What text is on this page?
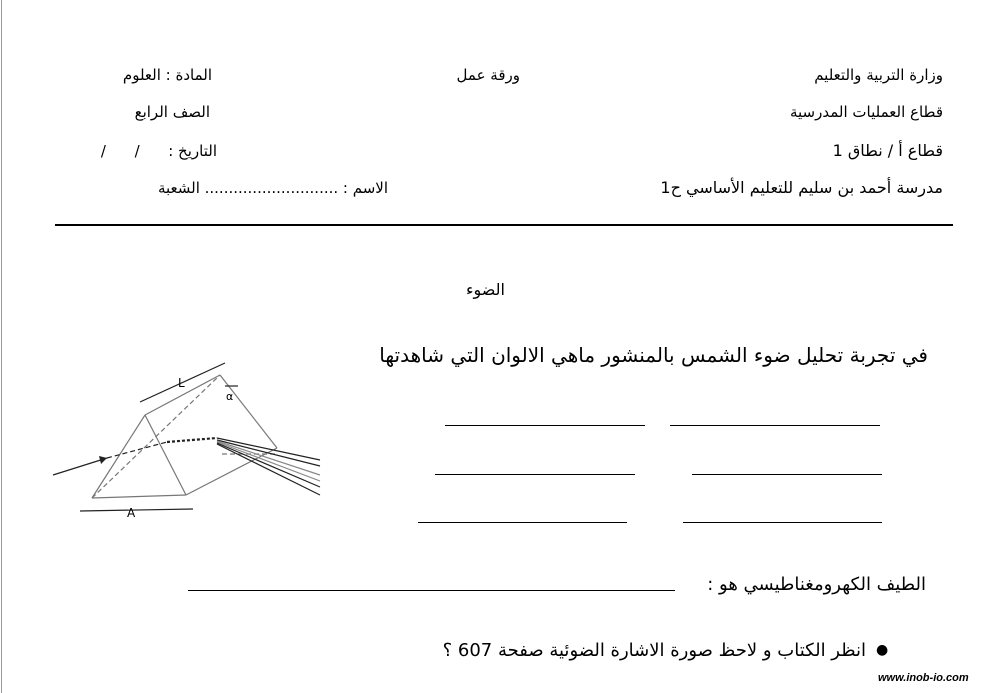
وزارة التربية والتعليم
قطاع العمليات المدرسية
قطاع أ / نطاق 1
مدرسة أحمد بن سليم للتعليم الأساسي ح1
ورقة عمل
المادة : العلوم
الصف الرابع
التاريخ :      /      /
الاسم : ............................ الشعبة
الضوء
في تجربة تحليل ضوء الشمس بالمنشور ماهي الالوان التي شاهدتها
L
A
α
الطيف الكهرومغناطيسي هو :
●
انظر الكتاب و لاحظ صورة الاشارة الضوئية صفحة 607 ؟
www.inob-io.com
